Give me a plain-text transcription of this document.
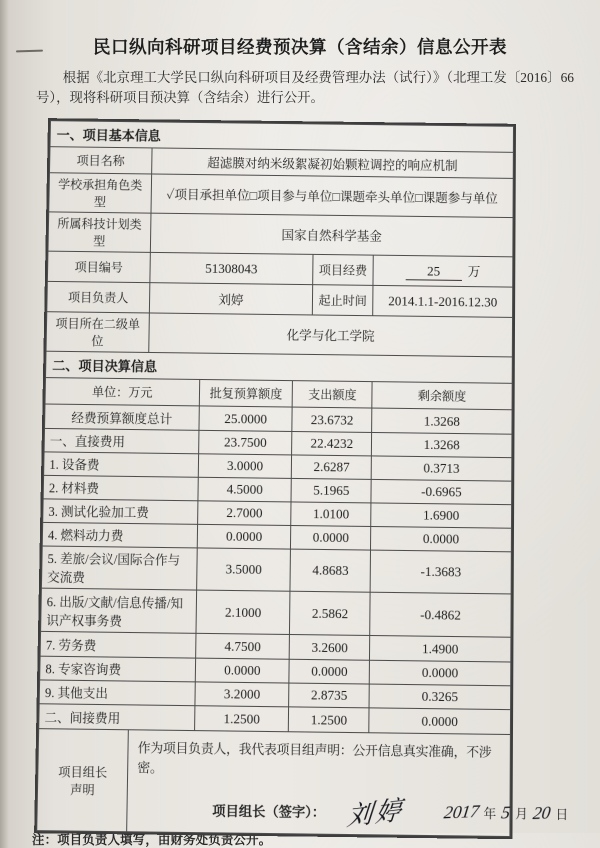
民口纵向科研项目经费预决算（含结余）信息公开表

根据《北京理工大学民口纵向科研项目及经费管理办法（试行）》（北理工发〔2016〕66 号），现将科研项目预决算（含结余）进行公开。

一、项目基本信息			
项目名称	超滤膜对纳米级絮凝初始颗粒调控的响应机制		
学校承担角色类型	✓项目承担单位□项目参与单位□课题牵头单位□课题参与单位		
所属科技计划类型	国家自然科学基金		
项目编号	51308043	项目经费	25 万
项目负责人	刘婷	起止时间	2014.1.1-2016.12.30
项目所在二级单位	化学与化工学院		
二、项目决算信息			
单位：万元	批复预算额度	支出额度	剩余额度
经费预算额度总计	25.0000	23.6732	1.3268
一、直接费用	23.7500	22.4232	1.3268
1. 设备费	3.0000	2.6287	0.3713
2. 材料费	4.5000	5.1965	-0.6965
3. 测试化验加工费	2.7000	1.0100	1.6900
4. 燃料动力费	0.0000	0.0000	0.0000
5. 差旅/会议/国际合作与交流费	3.5000	4.8683	-1.3683
6. 出版/文献/信息传播/知识产权事务费	2.1000	2.5862	-0.4862
7. 劳务费	4.7500	3.2600	1.4900
8. 专家咨询费	0.0000	0.0000	0.0000
9. 其他支出	3.2000	2.8735	0.3265
二、间接费用	1.2500	1.2500	0.0000
项目组长声明	
作为项目负责人，我代表项目组声明：公开信息真实准确，不涉密。
项目组长（签字）： 刘婷 2017 年 5 月 20 日

注：项目负责人填写，由财务处负责公开。
